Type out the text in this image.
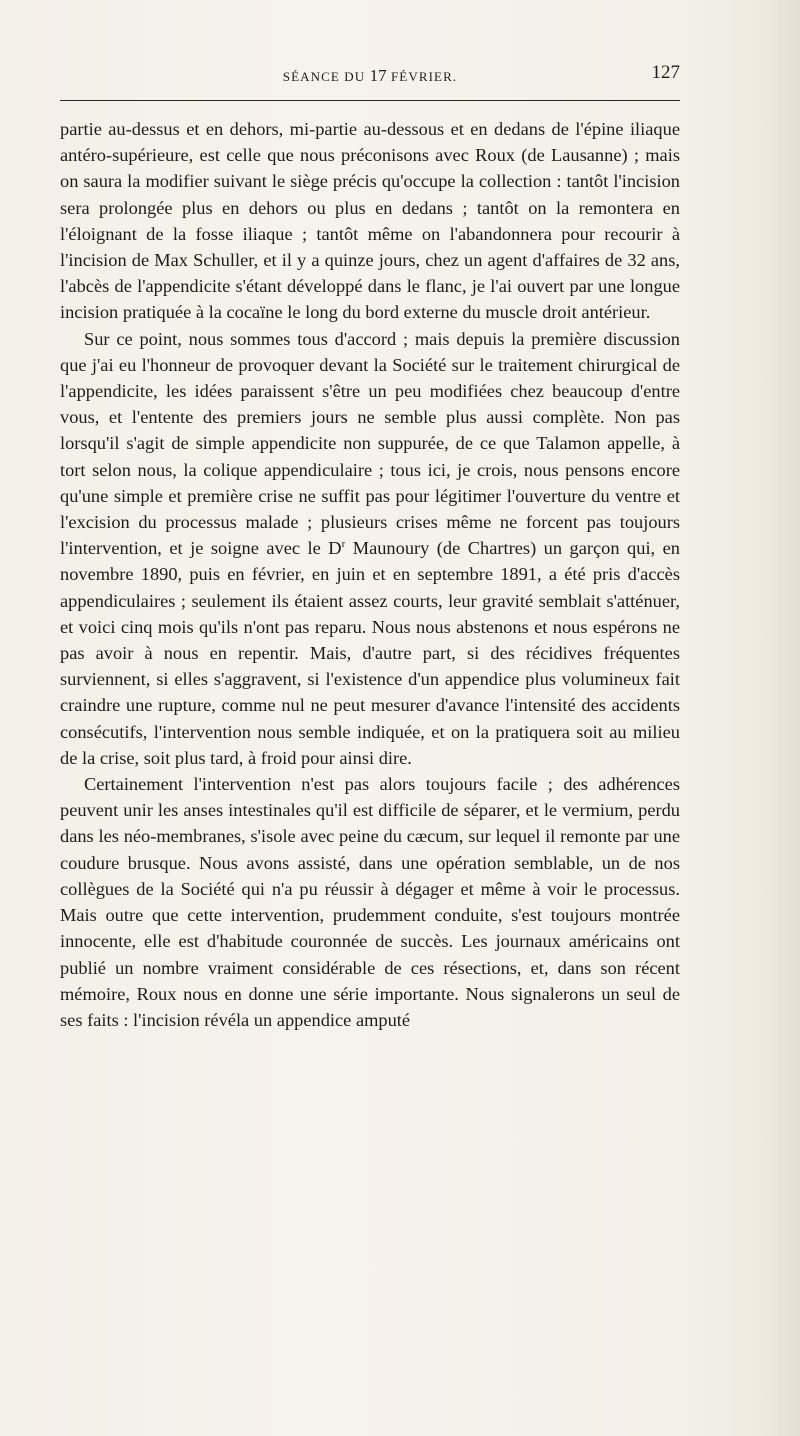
SÉANCE DU 17 FÉVRIER.	127

partie au-dessus et en dehors, mi-partie au-dessous et en dedans de l'épine iliaque antéro-supérieure, est celle que nous préconisons avec Roux (de Lausanne) ; mais on saura la modifier suivant le siège précis qu'occupe la collection : tantôt l'incision sera prolongée plus en dehors ou plus en dedans ; tantôt on la remontera en l'éloignant de la fosse iliaque ; tantôt même on l'abandonnera pour recourir à l'incision de Max Schuller, et il y a quinze jours, chez un agent d'affaires de 32 ans, l'abcès de l'appendicite s'étant développé dans le flanc, je l'ai ouvert par une longue incision pratiquée à la cocaïne le long du bord externe du muscle droit antérieur.

Sur ce point, nous sommes tous d'accord ; mais depuis la première discussion que j'ai eu l'honneur de provoquer devant la Société sur le traitement chirurgical de l'appendicite, les idées paraissent s'être un peu modifiées chez beaucoup d'entre vous, et l'entente des premiers jours ne semble plus aussi complète. Non pas lorsqu'il s'agit de simple appendicite non suppurée, de ce que Talamon appelle, à tort selon nous, la colique appendiculaire ; tous ici, je crois, nous pensons encore qu'une simple et première crise ne suffit pas pour légitimer l'ouverture du ventre et l'excision du processus malade ; plusieurs crises même ne forcent pas toujours l'intervention, et je soigne avec le $D^r$ Maunoury (de Chartres) un garçon qui, en novembre 1890, puis en février, en juin et en septembre 1891, a été pris d'accès appendiculaires ; seulement ils étaient assez courts, leur gravité semblait s'atténuer, et voici cinq mois qu'ils n'ont pas reparu. Nous nous abstenons et nous espérons ne pas avoir à nous en repentir. Mais, d'autre part, si des récidives fréquentes surviennent, si elles s'aggravent, si l'existence d'un appendice plus volumineux fait craindre une rupture, comme nul ne peut mesurer d'avance l'intensité des accidents consécutifs, l'intervention nous semble indiquée, et on la pratiquera soit au milieu de la crise, soit plus tard, à froid pour ainsi dire.

Certainement l'intervention n'est pas alors toujours facile ; des adhérences peuvent unir les anses intestinales qu'il est difficile de séparer, et le vermium, perdu dans les néo-membranes, s'isole avec peine du cæcum, sur lequel il remonte par une coudure brusque. Nous avons assisté, dans une opération semblable, un de nos collègues de la Société qui n'a pu réussir à dégager et même à voir le processus. Mais outre que cette intervention, prudemment conduite, s'est toujours montrée innocente, elle est d'habitude couronnée de succès. Les journaux américains ont publié un nombre vraiment considérable de ces résections, et, dans son récent mémoire, Roux nous en donne une série importante. Nous signalerons un seul de ses faits : l'incision révéla un appendice amputé
